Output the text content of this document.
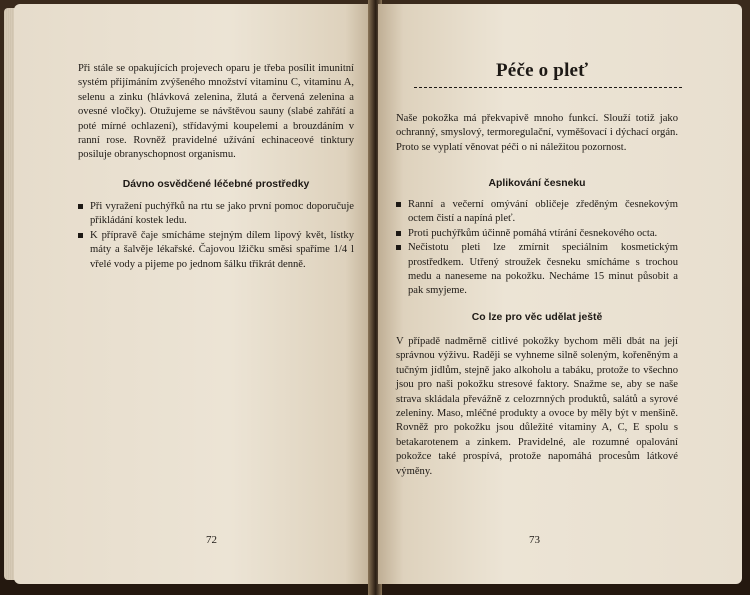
Při stále se opakujících projevech oparu je třeba posílit imunitní systém přijímáním zvýšeného množství vitaminu C, vitaminu A, selenu a zinku (hlávková zelenina, žlutá a červená zelenina a ovesné vločky). Otužujeme se návštěvou sauny (slabé zahřátí a poté mírné ochlazení), střídavými koupelemi a brouzdáním v ranní rose. Rovněž pravidelné užívání echinaceové tinktury posiluje obranyschopnost organismu.
Dávno osvědčené léčebné prostředky
Při vyražení puchýřků na rtu se jako první pomoc doporučuje přikládání kostek ledu.
K přípravě čaje smícháme stejným dílem lipový květ, lístky máty a šalvěje lékařské. Čajovou lžičku směsi spaříme 1/4 l vřelé vody a pijeme po jednom šálku třikrát denně.
72
Péče o pleť
Naše pokožka má překvapivě mnoho funkcí. Slouží totiž jako ochranný, smyslový, termoregulační, vyměšovací i dýchací orgán. Proto se vyplatí věnovat péči o ni náležitou pozornost.
Aplikování česneku
Ranní a večerní omývání obličeje zředěným česnekovým octem čistí a napíná pleť.
Proti puchýřkům účinně pomáhá vtírání česnekového octa.
Nečistotu pleti lze zmírnit speciálním kosmetickým prostředkem. Utřený stroužek česneku smícháme s trochou medu a naneseme na pokožku. Necháme 15 minut působit a pak smyjeme.
Co lze pro věc udělat ještě
V případě nadměrně citlivé pokožky bychom měli dbát na její správnou výživu. Raději se vyhneme silně soleným, kořeněným a tučným jídlům, stejně jako alkoholu a tabáku, protože to všechno jsou pro naši pokožku stresové faktory. Snažme se, aby se naše strava skládala převážně z celozrnných produktů, salátů a syrové zeleniny. Maso, mléčné produkty a ovoce by měly být v menšině. Rovněž pro pokožku jsou důležité vitaminy A, C, E spolu s betakarotenem a zinkem. Pravidelné, ale rozumné opalování pokožce také prospívá, protože napomáhá procesům látkové výměny.
73
